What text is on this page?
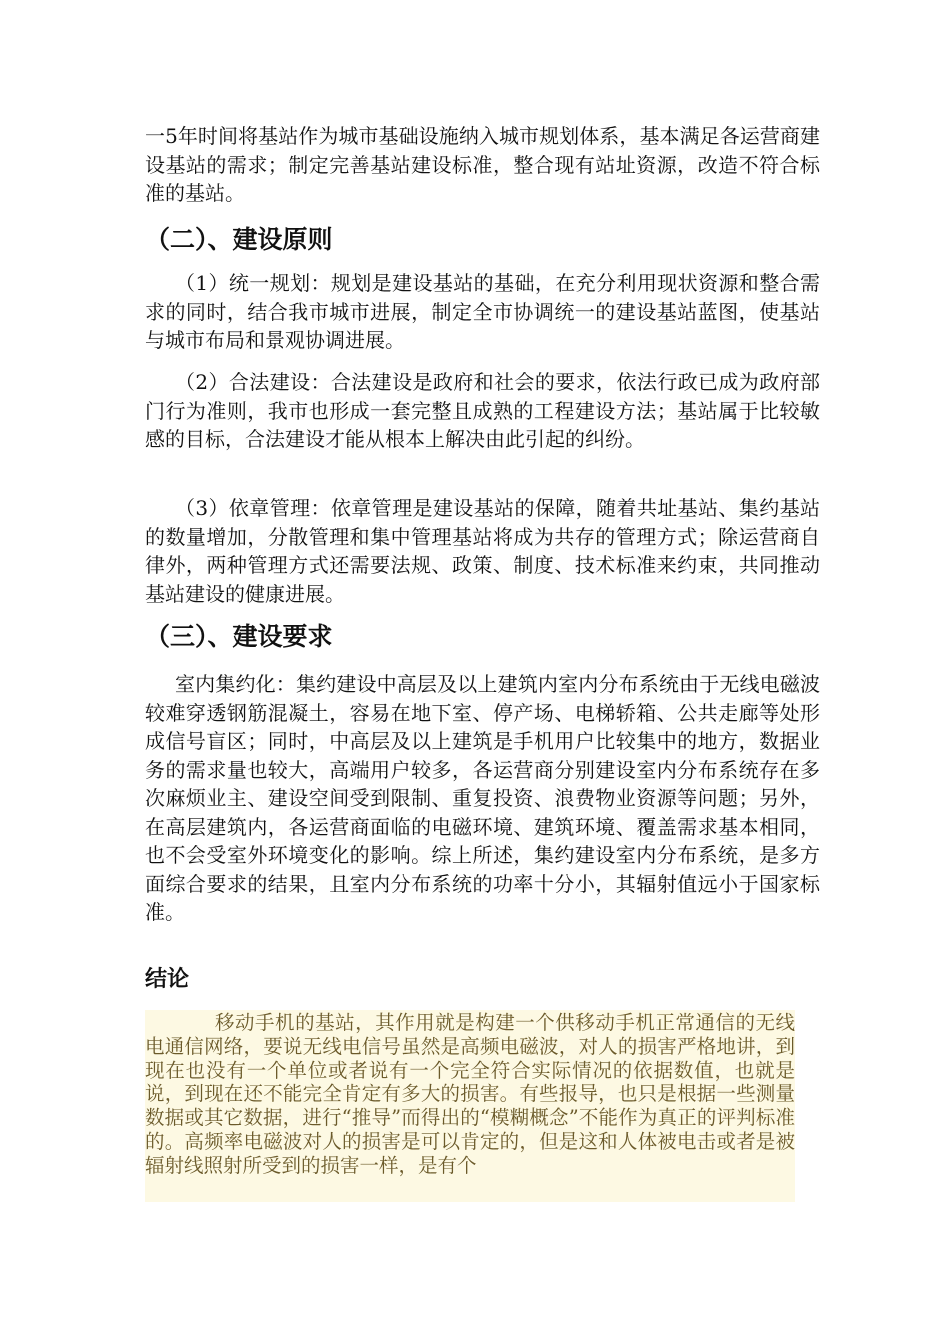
一5年时间将基站作为城市基础设施纳入城市规划体系，基本满足各运营商建设基站的需求；制定完善基站建设标准，整合现有站址资源，改造不符合标准的基站。

（二）、建设原则

（1）统一规划：规划是建设基站的基础，在充分利用现状资源和整合需求的同时，结合我市城市进展，制定全市协调统一的建设基站蓝图，使基站与城市布局和景观协调进展。

（2）合法建设：合法建设是政府和社会的要求，依法行政已成为政府部门行为准则，我市也形成一套完整且成熟的工程建设方法；基站属于比较敏感的目标，合法建设才能从根本上解决由此引起的纠纷。

（3）依章管理：依章管理是建设基站的保障，随着共址基站、集约基站的数量增加，分散管理和集中管理基站将成为共存的管理方式；除运营商自律外，两种管理方式还需要法规、政策、制度、技术标准来约束，共同推动基站建设的健康进展。

（三）、建设要求

室内集约化：集约建设中高层及以上建筑内室内分布系统由于无线电磁波较难穿透钢筋混凝土，容易在地下室、停产场、电梯轿箱、公共走廊等处形成信号盲区；同时，中高层及以上建筑是手机用户比较集中的地方，数据业务的需求量也较大，高端用户较多，各运营商分别建设室内分布系统存在多次麻烦业主、建设空间受到限制、重复投资、浪费物业资源等问题；另外，在高层建筑内，各运营商面临的电磁环境、建筑环境、覆盖需求基本相同，也不会受室外环境变化的影响。综上所述，集约建设室内分布系统，是多方面综合要求的结果，且室内分布系统的功率十分小，其辐射值远小于国家标准。

结论

移动手机的基站，其作用就是构建一个供移动手机正常通信的无线电通信网络，要说无线电信号虽然是高频电磁波，对人的损害严格地讲，到现在也没有一个单位或者说有一个完全符合实际情况的依据数值，也就是说，到现在还不能完全肯定有多大的损害。有些报导，也只是根据一些测量数据或其它数据，进行“推导”而得出的“模糊概念”不能作为真正的评判标准的。高频率电磁波对人的损害是可以肯定的，但是这和人体被电击或者是被辐射线照射所受到的损害一样，是有个
